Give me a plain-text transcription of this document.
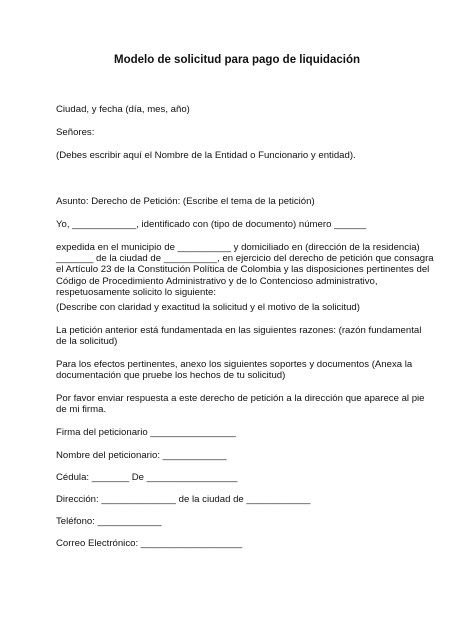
Modelo de solicitud para pago de liquidación
Ciudad, y fecha (día, mes, año)
Señores:
(Debes escribir aquí el Nombre de la Entidad o Funcionario y entidad).
Asunto: Derecho de Petición: (Escribe el tema de la petición)
Yo, ____________, identificado con (tipo de documento) número ______
expedida en el municipio de __________ y domiciliado en (dirección de la residencia)
_______ de la ciudad de __________, en ejercicio del derecho de petición que consagra
el Artículo 23 de la Constitución Política de Colombia y las disposiciones pertinentes del
Código de Procedimiento Administrativo y de lo Contencioso administrativo,
respetuosamente solicito lo siguiente:
(Describe con claridad y exactitud la solicitud y el motivo de la solicitud)
La petición anterior está fundamentada en las siguientes razones: (razón fundamental
de la solicitud)
Para los efectos pertinentes, anexo los siguientes soportes y documentos (Anexa la
documentación que pruebe los hechos de tu solicitud)
Por favor enviar respuesta a este derecho de petición a la dirección que aparece al pie
de mi firma.
Firma del peticionario ________________
Nombre del peticionario: ____________
Cédula: _______ De _________________
Dirección: ______________ de la ciudad de ____________
Teléfono: ____________
Correo Electrónico: ___________________
